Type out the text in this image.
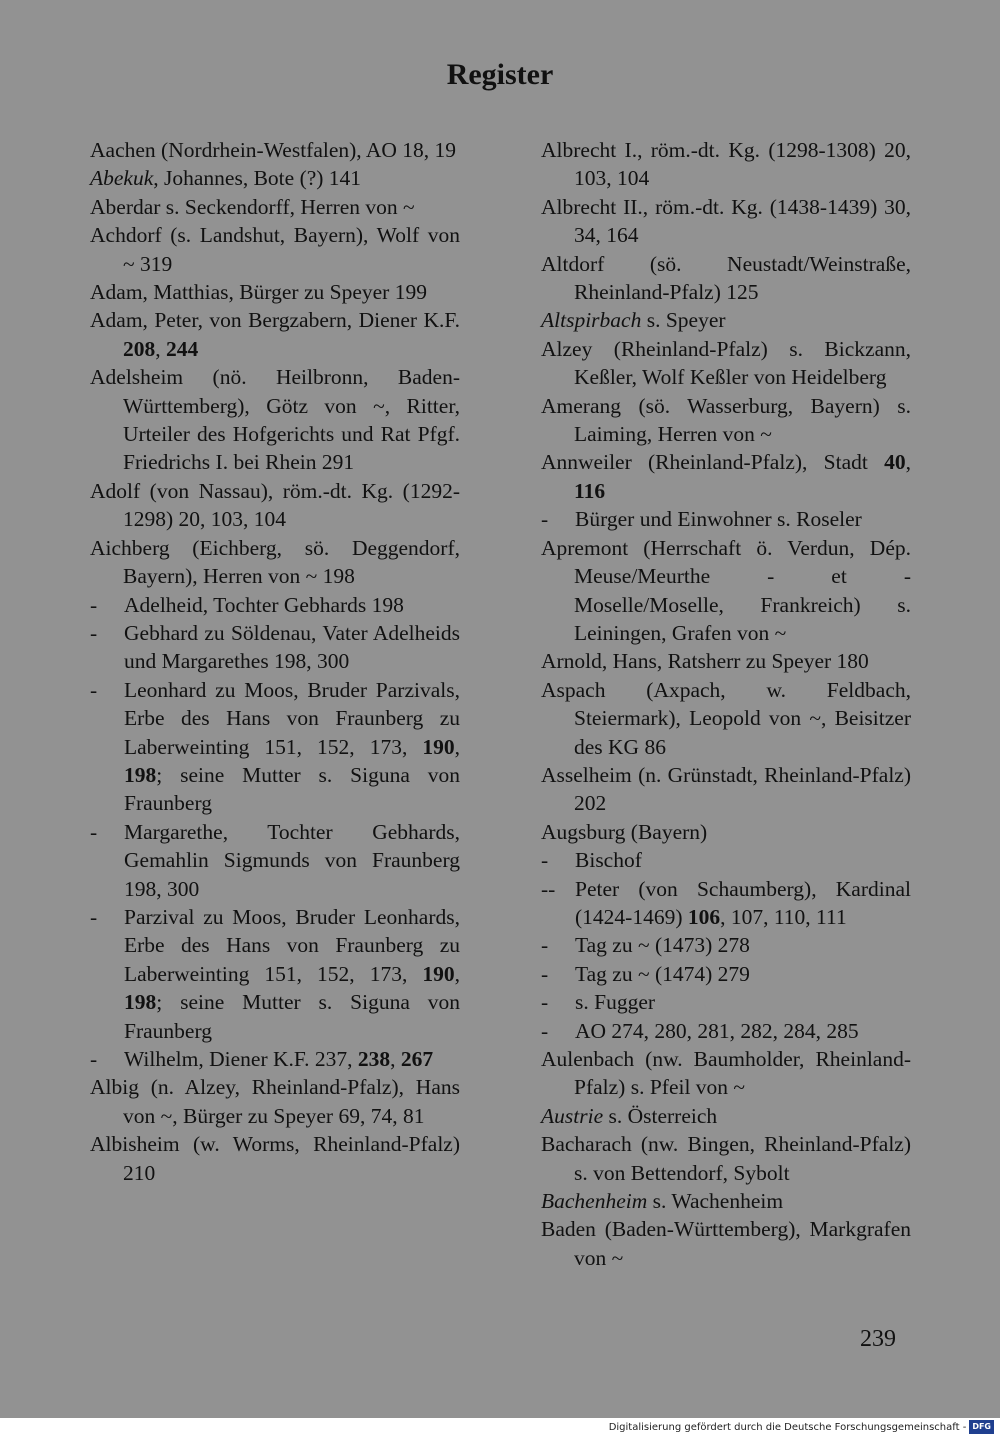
Register

Aachen (Nordrhein-Westfalen), AO 18, 19

Abekuk, Johannes, Bote (?) 141

Aberdar s. Seckendorff, Herren von ~

Achdorf (s. Landshut, Bayern), Wolf von ~ 319

Adam, Matthias, Bürger zu Speyer 199

Adam, Peter, von Bergzabern, Diener K.F. 208, 244

Adelsheim (nö. Heilbronn, Baden-Württemberg), Götz von ~, Ritter, Urteiler des Hofgerichts und Rat Pfgf. Friedrichs I. bei Rhein 291

Adolf (von Nassau), röm.-dt. Kg. (1292-1298) 20, 103, 104

Aichberg (Eichberg, sö. Deggendorf, Bayern), Herren von ~ 198

- Adelheid, Tochter Gebhards 198

- Gebhard zu Söldenau, Vater Adelheids und Margarethes 198, 300

- Leonhard zu Moos, Bruder Parzivals, Erbe des Hans von Fraunberg zu Laberweinting 151, 152, 173, 190, 198; seine Mutter s. Siguna von Fraunberg

- Margarethe, Tochter Gebhards, Gemahlin Sigmunds von Fraunberg 198, 300

- Parzival zu Moos, Bruder Leonhards, Erbe des Hans von Fraunberg zu Laberweinting 151, 152, 173, 190, 198; seine Mutter s. Siguna von Fraunberg

- Wilhelm, Diener K.F. 237, 238, 267

Albig (n. Alzey, Rheinland-Pfalz), Hans von ~, Bürger zu Speyer 69, 74, 81

Albisheim (w. Worms, Rheinland-Pfalz) 210

Albrecht I., röm.-dt. Kg. (1298-1308) 20, 103, 104

Albrecht II., röm.-dt. Kg. (1438-1439) 30, 34, 164

Altdorf (sö. Neustadt/Weinstraße, Rheinland-Pfalz) 125

Altspirbach s. Speyer

Alzey (Rheinland-Pfalz) s. Bickzann, Keßler, Wolf Keßler von Heidelberg

Amerang (sö. Wasserburg, Bayern) s. Laiming, Herren von ~

Annweiler (Rheinland-Pfalz), Stadt 40, 116

- Bürger und Einwohner s. Roseler

Apremont (Herrschaft ö. Verdun, Dép. Meuse/Meurthe - et - Moselle/Moselle, Frankreich) s. Leiningen, Grafen von ~

Arnold, Hans, Ratsherr zu Speyer 180

Aspach (Axpach, w. Feldbach, Steiermark), Leopold von ~, Beisitzer des KG 86

Asselheim (n. Grünstadt, Rheinland-Pfalz) 202

Augsburg (Bayern)

- Bischof

-- Peter (von Schaumberg), Kardinal (1424-1469) 106, 107, 110, 111

- Tag zu ~ (1473) 278

- Tag zu ~ (1474) 279

- s. Fugger

- AO 274, 280, 281, 282, 284, 285

Aulenbach (nw. Baumholder, Rheinland-Pfalz) s. Pfeil von ~

Austrie s. Österreich

Bacharach (nw. Bingen, Rheinland-Pfalz) s. von Bettendorf, Sybolt

Bachenheim s. Wachenheim

Baden (Baden-Württemberg), Markgrafen von ~

239
Digitalisierung gefördert durch die Deutsche Forschungsgemeinschaft - DFG
